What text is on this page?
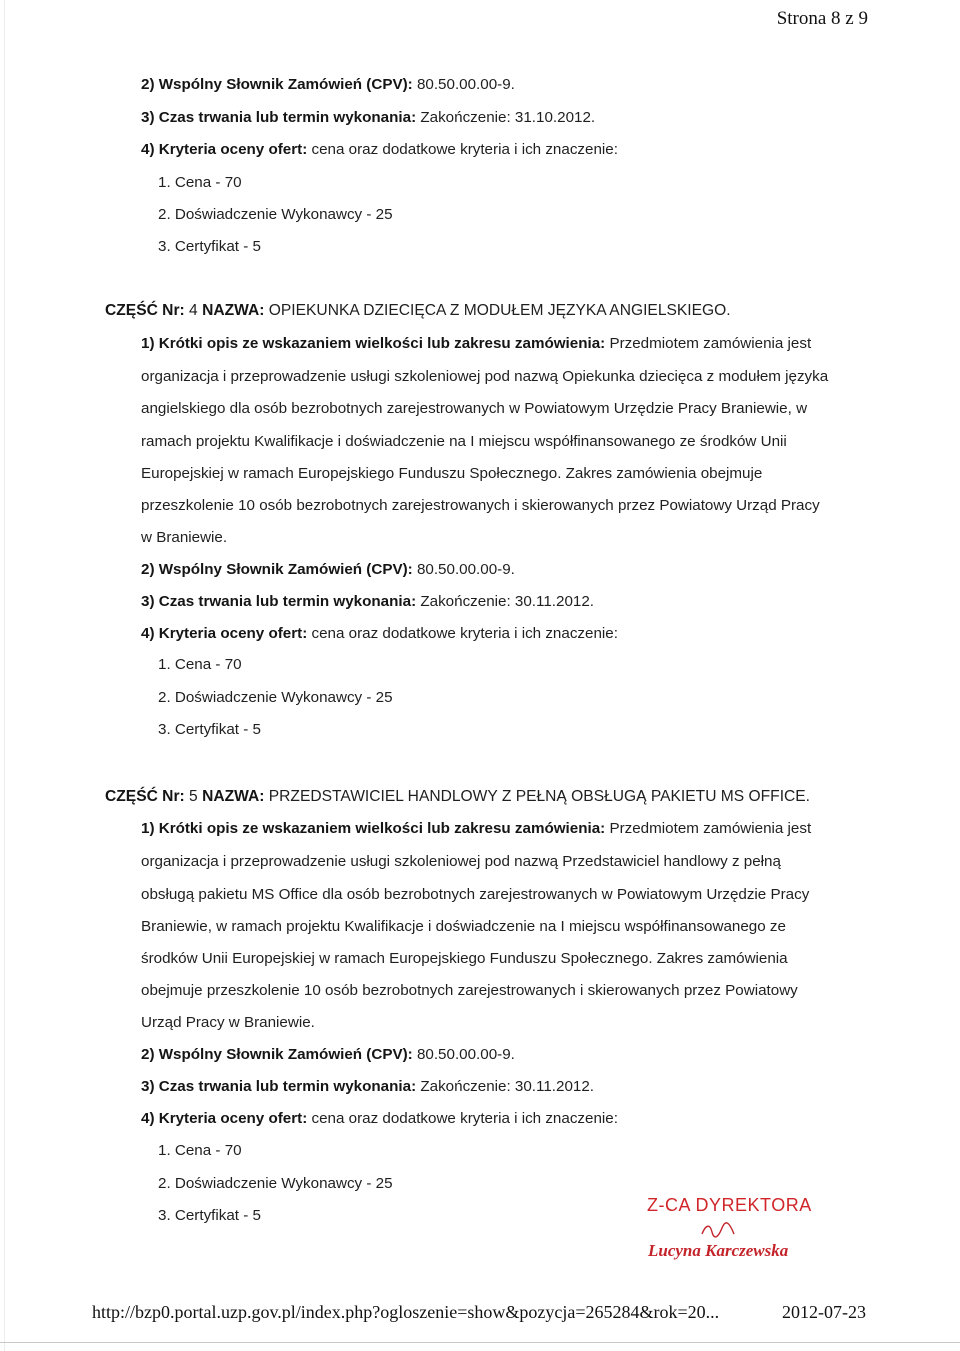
Strona 8 z 9
2) Wspólny Słownik Zamówień (CPV): 80.50.00.00-9.
3) Czas trwania lub termin wykonania: Zakończenie: 31.10.2012.
4) Kryteria oceny ofert: cena oraz dodatkowe kryteria i ich znaczenie:
1. Cena - 70
2. Doświadczenie Wykonawcy - 25
3. Certyfikat - 5
CZĘŚĆ Nr: 4 NAZWA: OPIEKUNKA DZIECIĘCA Z MODUŁEM JĘZYKA ANGIELSKIEGO.
1) Krótki opis ze wskazaniem wielkości lub zakresu zamówienia: Przedmiotem zamówienia jest
organizacja i przeprowadzenie usługi szkoleniowej pod nazwą Opiekunka dziecięca z modułem języka
angielskiego dla osób bezrobotnych zarejestrowanych w Powiatowym Urzędzie Pracy Braniewie, w
ramach projektu Kwalifikacje i doświadczenie na I miejscu współfinansowanego ze środków Unii
Europejskiej w ramach Europejskiego Funduszu Społecznego. Zakres zamówienia obejmuje
przeszkolenie 10 osób bezrobotnych zarejestrowanych i skierowanych przez Powiatowy Urząd Pracy
w Braniewie.
2) Wspólny Słownik Zamówień (CPV): 80.50.00.00-9.
3) Czas trwania lub termin wykonania: Zakończenie: 30.11.2012.
4) Kryteria oceny ofert: cena oraz dodatkowe kryteria i ich znaczenie:
1. Cena - 70
2. Doświadczenie Wykonawcy - 25
3. Certyfikat - 5
CZĘŚĆ Nr: 5 NAZWA: PRZEDSTAWICIEL HANDLOWY Z PEŁNĄ OBSŁUGĄ PAKIETU MS OFFICE.
1) Krótki opis ze wskazaniem wielkości lub zakresu zamówienia: Przedmiotem zamówienia jest
organizacja i przeprowadzenie usługi szkoleniowej pod nazwą Przedstawiciel handlowy z pełną
obsługą pakietu MS Office dla osób bezrobotnych zarejestrowanych w Powiatowym Urzędzie Pracy
Braniewie, w ramach projektu Kwalifikacje i doświadczenie na I miejscu współfinansowanego ze
środków Unii Europejskiej w ramach Europejskiego Funduszu Społecznego. Zakres zamówienia
obejmuje przeszkolenie 10 osób bezrobotnych zarejestrowanych i skierowanych przez Powiatowy
Urząd Pracy w Braniewie.
2) Wspólny Słownik Zamówień (CPV): 80.50.00.00-9.
3) Czas trwania lub termin wykonania: Zakończenie: 30.11.2012.
4) Kryteria oceny ofert: cena oraz dodatkowe kryteria i ich znaczenie:
1. Cena - 70
2. Doświadczenie Wykonawcy - 25
3. Certyfikat - 5
Z-CA DYREKTORA
Lucyna Karczewska
http://bzp0.portal.uzp.gov.pl/index.php?ogloszenie=show&pozycja=265284&rok=20...	2012-07-23
